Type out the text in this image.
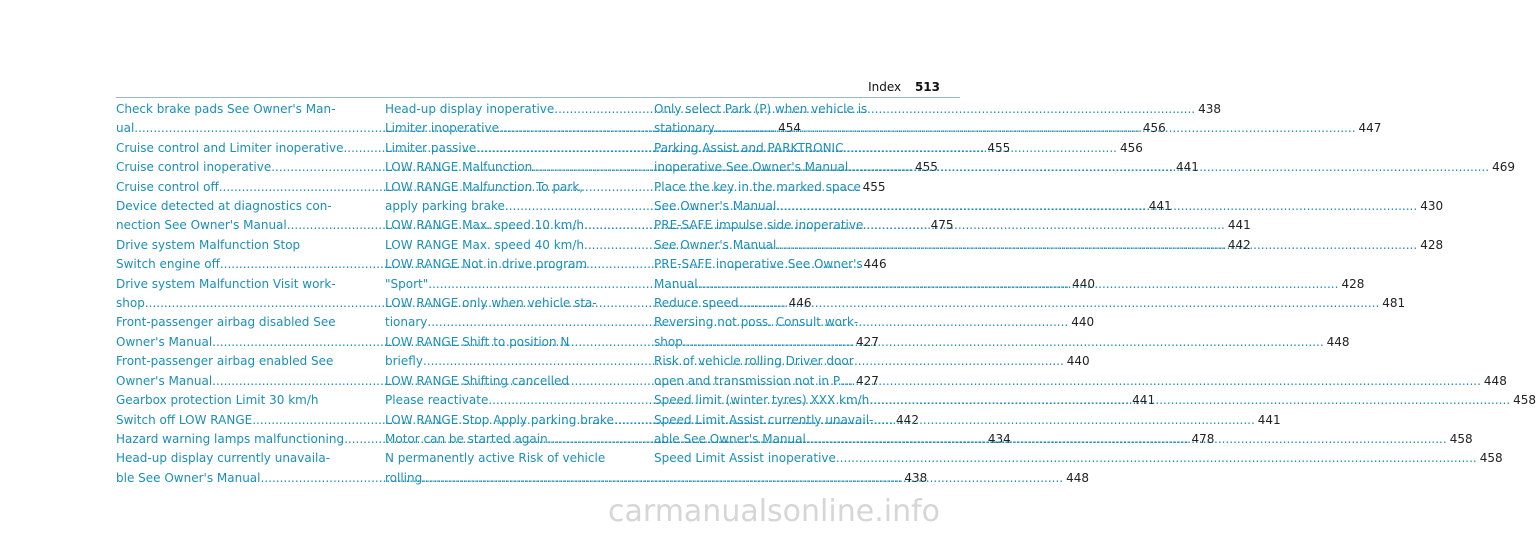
Index 513
Check brake pads See Owner's Man-
ual .....	454
Cruise control and Limiter inoperative .....	455
Cruise control inoperative .....	455
Cruise control off .....	455
Device detected at diagnostics con-
nection See Owner's Manual .....	475
Drive system Malfunction Stop
Switch engine off .....	446
Drive system Malfunction Visit work-
shop .....	446
Front-passenger airbag disabled See
Owner's Manual .....	427
Front-passenger airbag enabled See
Owner's Manual .....	427
Gearbox protection Limit 30 km/h
Switch off LOW RANGE .....	442
Hazard warning lamps malfunctioning .....	434
Head-up display currently unavaila-
ble See Owner's Manual .....	438
Head-up display inoperative .....	438
Limiter inoperative .....	456
Limiter passive .....	456
LOW RANGE Malfunction .....	441
LOW RANGE Malfunction To park,
apply parking brake .....	441
LOW RANGE Max. speed 10 km/h .....	441
LOW RANGE Max. speed 40 km/h .....	442
LOW RANGE Not in drive program
"Sport" .....	440
LOW RANGE only when vehicle sta-
tionary .....	440
LOW RANGE Shift to position N
briefly .....	440
LOW RANGE Shifting cancelled
Please reactivate .....	441
LOW RANGE Stop Apply parking brake .....	441
Motor can be started again .....	478
N permanently active Risk of vehicle
rolling .....	448
Only select Park (P) when vehicle is
stationary .....	447
Parking Assist and PARKTRONIC
inoperative See Owner's Manual .....	469
Place the key in the marked space
See Owner's Manual .....	430
PRE-SAFE impulse side inoperative
See Owner's Manual .....	428
PRE-SAFE inoperative See Owner's
Manual .....	428
Reduce speed .....	481
Reversing not poss. Consult work-
shop .....	448
Risk of vehicle rolling Driver door
open and transmission not in P .....	448
Speed limit (winter tyres) XXX km/h .....	458
Speed Limit Assist currently unavail-
able See Owner's Manual .....	458
Speed Limit Assist inoperative .....	458
carmanualsonline.info
